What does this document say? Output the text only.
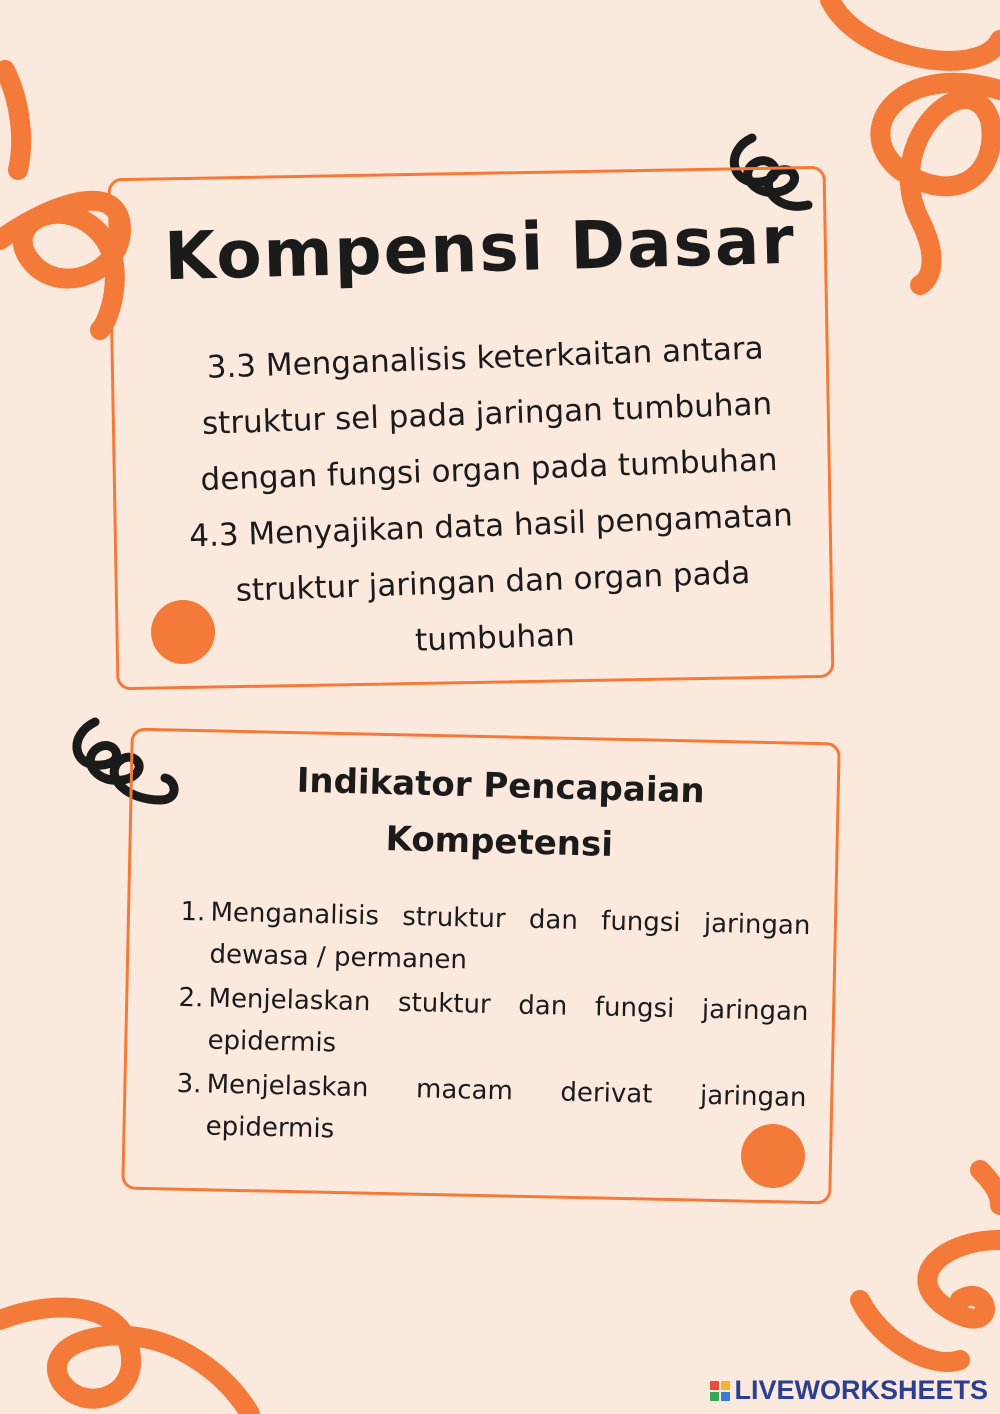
Kompensi Dasar

3.3 Menganalisis keterkaitan antara struktur sel pada jaringan tumbuhan dengan fungsi organ pada tumbuhan

4.3 Menyajikan data hasil pengamatan struktur jaringan dan organ pada tumbuhan

Indikator Pencapaian

Kompetensi

1. Menganalisis struktur dan fungsi jaringan dewasa / permanen
2. Menjelaskan stuktur dan fungsi jaringan epidermis
3. Menjelaskan macam derivat jaringan epidermis
LIVEWORKSHEETS
